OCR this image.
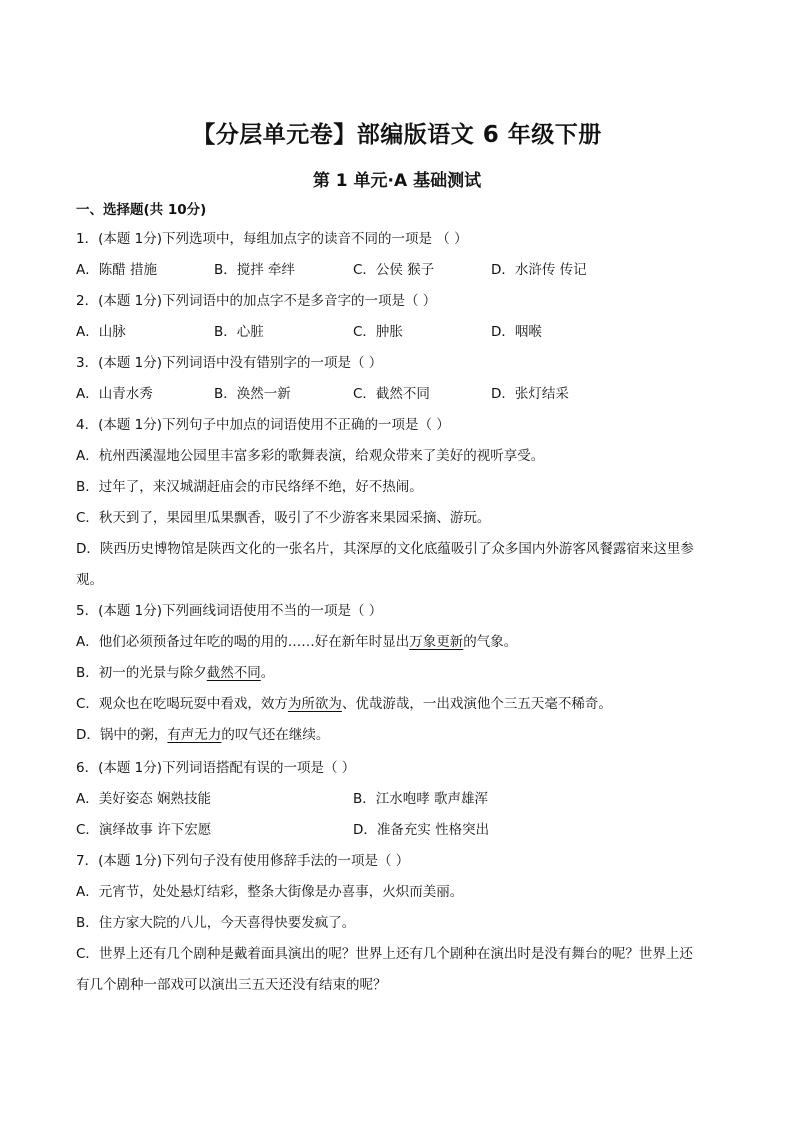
【分层单元卷】部编版语文 6 年级下册
第 1 单元·A 基础测试
一、选择题(共 10分)
1．(本题 1分)下列选项中，每组加点字的读音不同的一项是 （ ）
A．陈醋 措施	B．搅拌 牵绊	C．公侯 猴子	D．水浒传 传记
2．(本题 1分)下列词语中的加点字不是多音字的一项是（ ）
A．山脉	B．心脏	C．肿胀	D．咽喉
3．(本题 1分)下列词语中没有错别字的一项是（ ）
A．山青水秀	B．涣然一新	C．截然不同	D．张灯结采
4．(本题 1分)下列句子中加点的词语使用不正确的一项是（ ）
A．杭州西溪湿地公园里丰富多彩的歌舞表演，给观众带来了美好的视听享受。
B．过年了，来汉城湖赶庙会的市民络绎不绝，好不热闹。
C．秋天到了，果园里瓜果飘香，吸引了不少游客来果园采摘、游玩。
D．陕西历史博物馆是陕西文化的一张名片，其深厚的文化底蕴吸引了众多国内外游客风餐露宿来这里参
观。
5．(本题 1分)下列画线词语使用不当的一项是（ ）
A．他们必须预备过年吃的喝的用的……好在新年时显出万象更新的气象。
B．初一的光景与除夕截然不同。
C．观众也在吃喝玩耍中看戏，效方为所欲为、优哉游哉，一出戏演他个三五天毫不稀奇。
D．锅中的粥，有声无力的叹气还在继续。
6．(本题 1分)下列词语搭配有误的一项是（ ）
A．美好姿态 娴熟技能	B．江水咆哮 歌声雄浑
C．演绎故事 许下宏愿	D．准备充实 性格突出
7．(本题 1分)下列句子没有使用修辞手法的一项是（ ）
A．元宵节，处处悬灯结彩，整条大街像是办喜事，火炽而美丽。
B．住方家大院的八儿，今天喜得快要发疯了。
C．世界上还有几个剧种是戴着面具演出的呢？世界上还有几个剧种在演出时是没有舞台的呢？世界上还
有几个剧种一部戏可以演出三五天还没有结束的呢？
